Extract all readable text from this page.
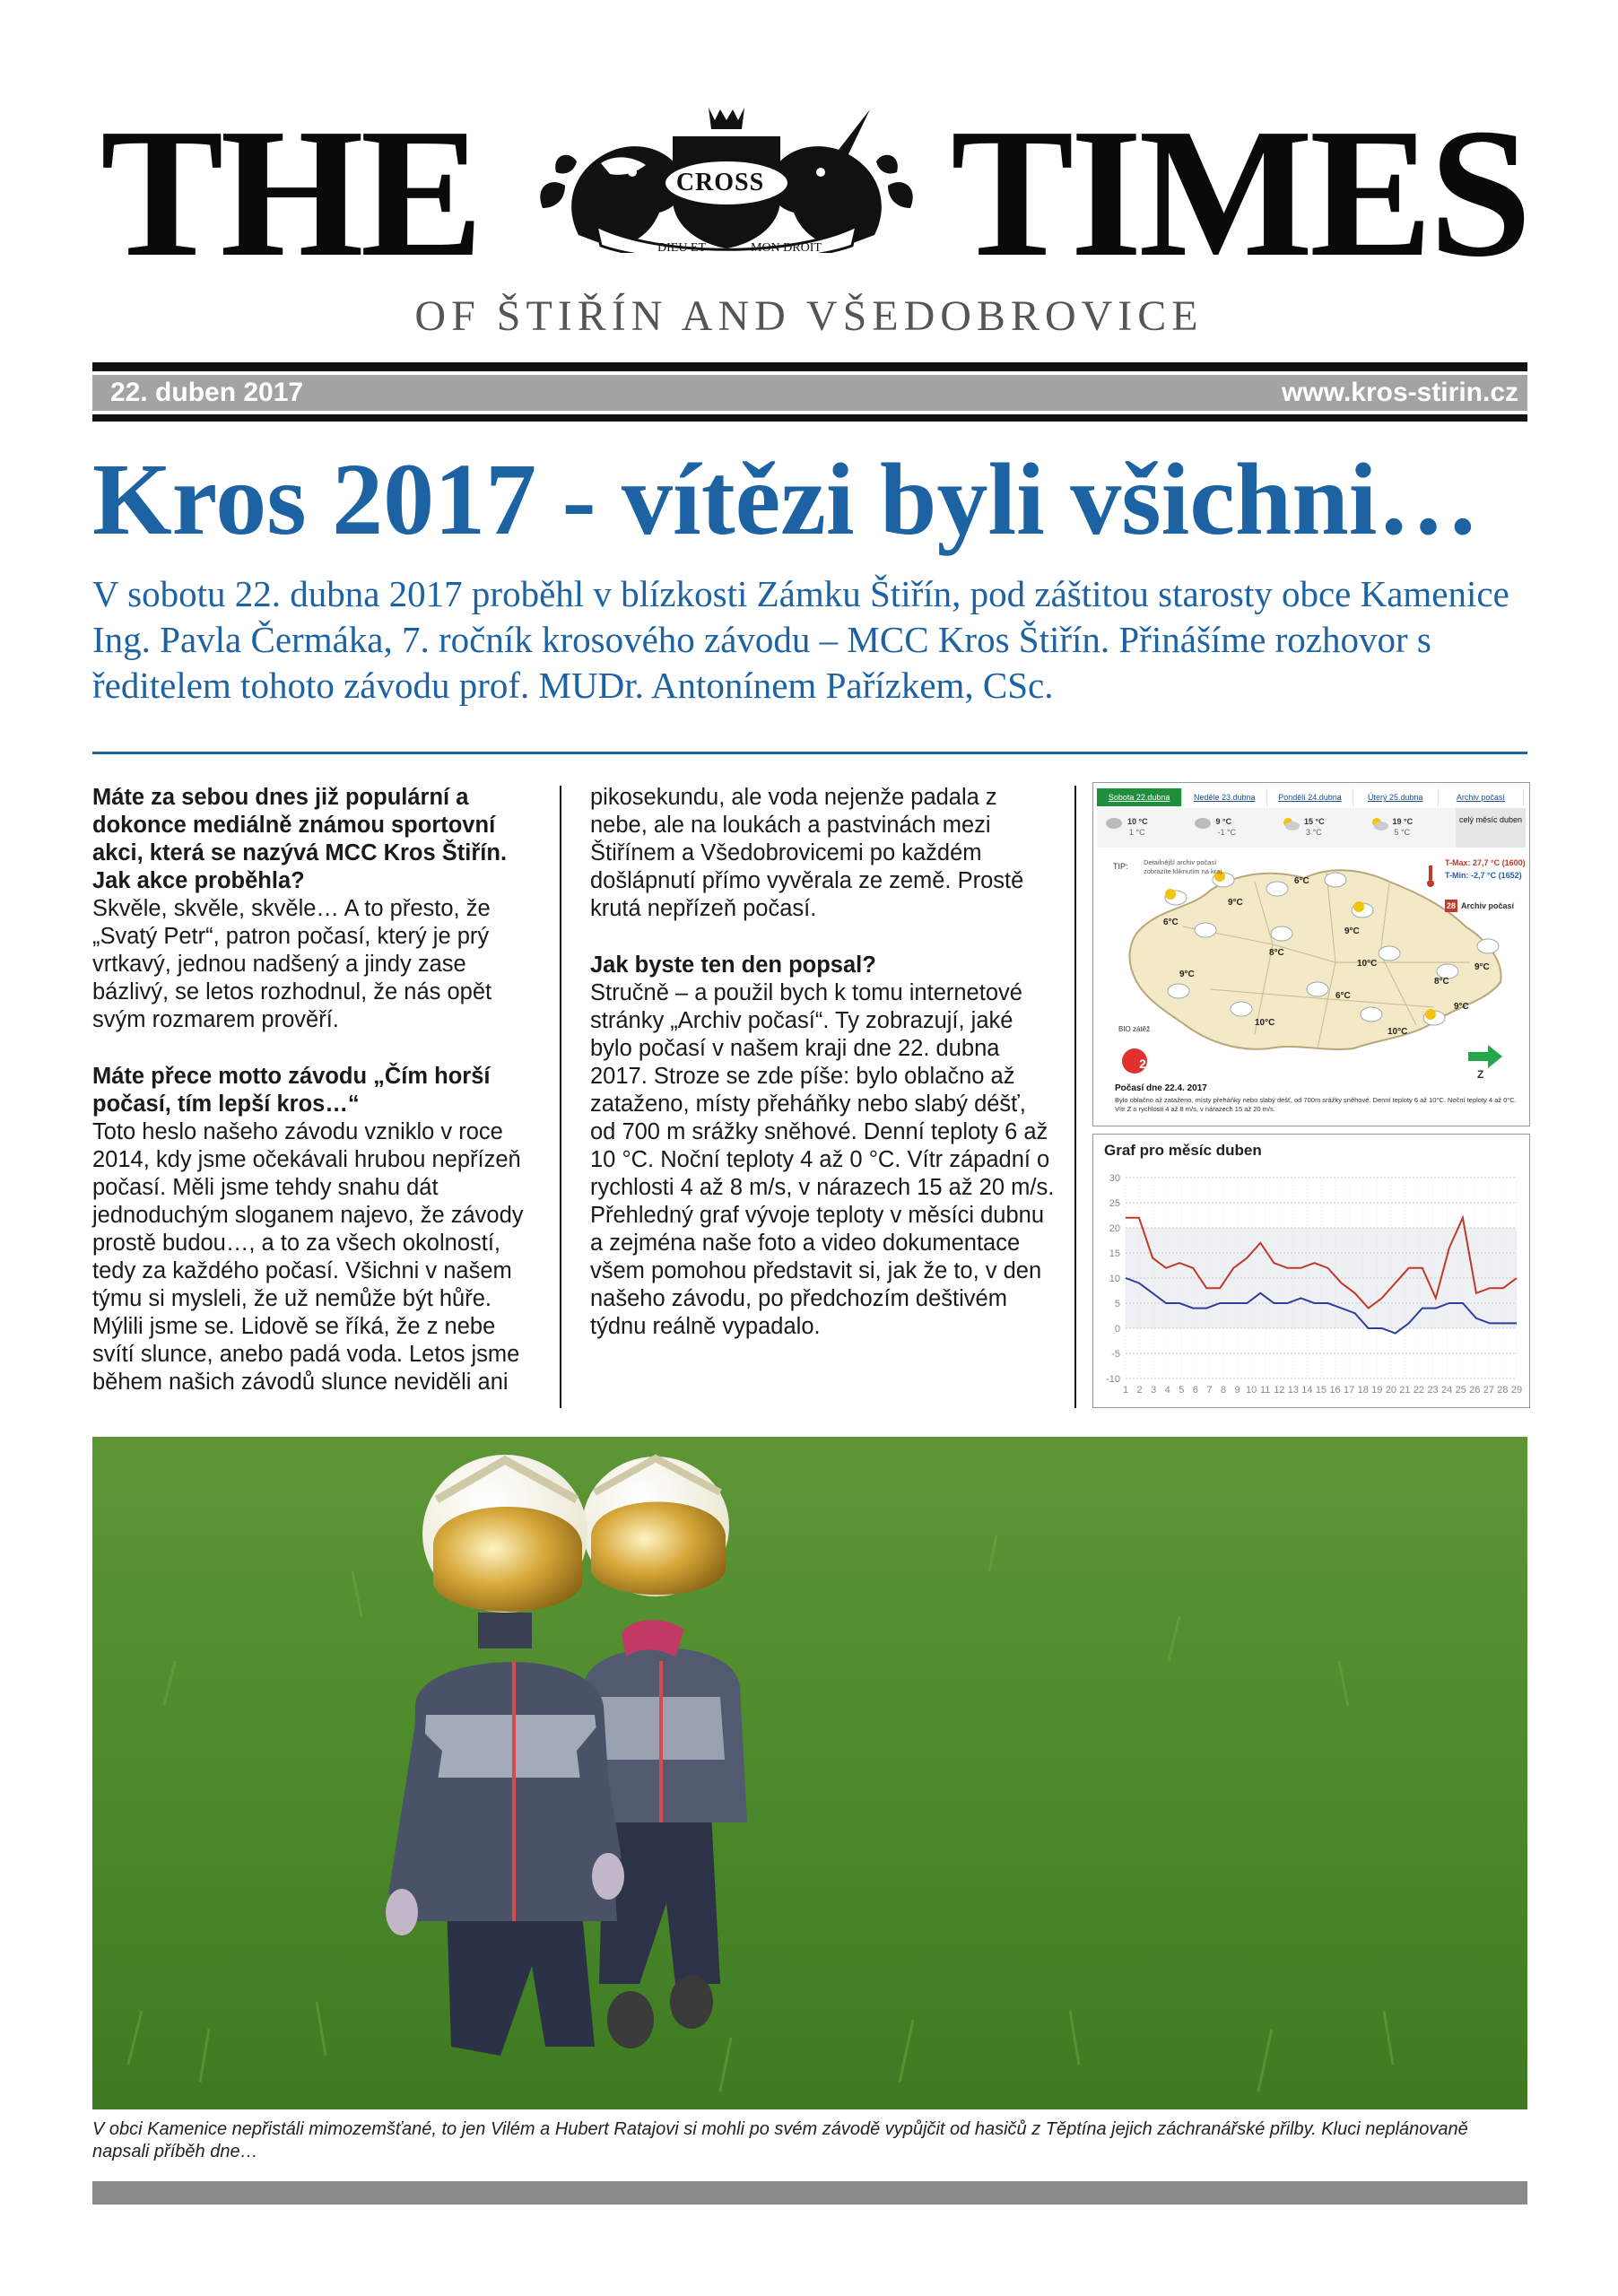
THE	DIEU ET	MON DROIT
CROSS TIMES
OF ŠTIŘÍN AND VŠEDOBROVICE
22. duben 2017	www.kros-stirin.cz
Kros 2017 - vítězi byli všichni…
V sobotu 22. dubna 2017 proběhl v blízkosti Zámku Štiřín, pod záštitou starosty obce Kamenice Ing. Pavla Čermáka, 7. ročník krosového závodu – MCC Kros Štiřín. Přinášíme rozhovor s ředitelem tohoto závodu prof. MUDr. Antonínem Pařízkem, CSc.

Máte za sebou dnes již populární a dokonce mediálně známou sportovní akci, která se nazývá MCC Kros Štiřín. Jak akce proběhla?

Skvěle, skvěle, skvěle… A to přesto, že „Svatý Petr“, patron počasí, který je prý vrtkavý, jednou nadšený a jindy zase bázlivý, se letos rozhodnul, že nás opět svým rozmarem prověří.

Máte přece motto závodu „Čím horší počasí, tím lepší kros…“

Toto heslo našeho závodu vzniklo v roce 2014, kdy jsme očekávali hrubou nepřízeň počasí. Měli jsme tehdy snahu dát jednoduchým sloganem najevo, že závody prostě budou…, a to za všech okolností, tedy za každého počasí. Všichni v našem týmu si mysleli, že už nemůže být hůře. Mýlili jsme se. Lidově se říká, že z nebe svítí slunce, anebo padá voda. Letos jsme během našich závodů slunce neviděli ani

pikosekundu, ale voda nejenže padala z nebe, ale na loukách a pastvinách mezi Štiřínem a Všedobrovicemi po každém došlápnutí přímo vyvěrala ze země. Prostě krutá nepřízeň počasí.

Jak byste ten den popsal?

Stručně – a použil bych k tomu internetové stránky „Archiv počasí“. Ty zobrazují, jaké bylo počasí v našem kraji dne 22. dubna 2017. Stroze se zde píše: bylo oblačno až zataženo, místy přeháňky nebo slabý déšť, od 700 m srážky sněhové. Denní teploty 6 až 10 °C. Noční teploty 4 až 0 °C. Vítr západní o rychlosti 4 až 8 m/s, v nárazech 15 až 20 m/s. Přehledný graf vývoje teploty v měsíci dubnu a zejména naše foto a video dokumentace všem pomohou představit si, jak že to, v den našeho závodu, po předchozím deštivém týdnu reálně vypadalo.

Sobota 22.dubna	Neděle 23.dubna	Pondělí 24.dubna	Úterý 25.dubna	Archiv počasí
10 °C
1 °C
9 °C
-1 °C
15 °C
3 °C
19 °C
5 °C
celý měsíc duben
TIP: Detailnější archiv počasí zobrazíte kliknutím na kraj.
T-Max: 27,7 °C (1600)
T-Min: -2,7 °C (1652)
28 Archiv počasí
9°C
6°C
9°C
6°C
8°C
10°C	9°C
8°C
9°C
6°C
9°C
10°C
10°C
BIO zátěž
2
Z
Počasí dne 22.4. 2017
Bylo oblačno až zataženo, místy přeháňky nebo slabý déšť, od 700m srážky sněhové. Denní teploty 6 až 10°C. Noční teploty 4 až 0°C. Vítr Z o rychlosti 4 až 8 m/s, v nárazech 15 až 20 m/s.
-10
-5
0
5
10
15
20
25
30
1 2 3 4 5 6 7 8 9 10 11 12 13 14 15 16 17 18 19 20 21 22 23 24 25 26 27 28 29
Graf pro měsíc duben
V obci Kamenice nepřistáli mimozemšťané, to jen Vilém a Hubert Ratajovi si mohli po svém závodě vypůjčit od hasičů z Těptína jejich záchranářské přilby. Kluci neplánovaně napsali příběh dne…
